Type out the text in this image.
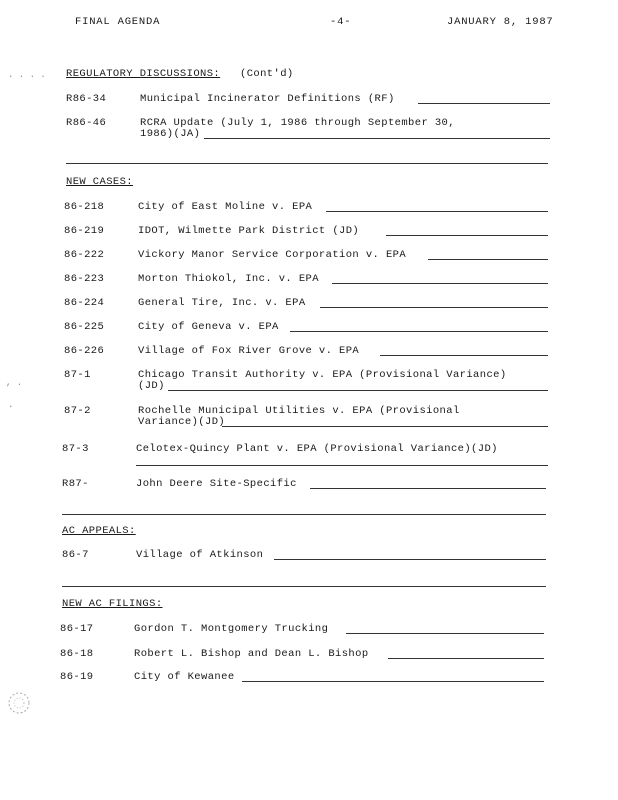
FINAL AGENDA	-4-	JANUARY 8, 1987
. . . . REGULATORY DISCUSSIONS: (Cont'd)
R86-34	Municipal Incinerator Definitions (RF)
R86-46	RCRA Update (July 1, 1986 through September 30,
1986)(JA)
NEW CASES:
86-218	City of East Moline v. EPA
86-219	IDOT, Wilmette Park District (JD)
86-222	Vickory Manor Service Corporation v. EPA
86-223	Morton Thiokol, Inc. v. EPA
86-224	General Tire, Inc. v. EPA
86-225	City of Geneva v. EPA
86-226	Village of Fox River Grove v. EPA
, .
.
87-1	Chicago Transit Authority v. EPA (Provisional Variance)
(JD)
87-2	Rochelle Municipal Utilities v. EPA (Provisional
Variance)(JD)
87-3	Celotex-Quincy Plant v. EPA (Provisional Variance)(JD)
R87-	John Deere Site-Specific
AC APPEALS:
86-7	Village of Atkinson
NEW AC FILINGS:
86-17	Gordon T. Montgomery Trucking
86-18	Robert L. Bishop and Dean L. Bishop
86-19	City of Kewanee
